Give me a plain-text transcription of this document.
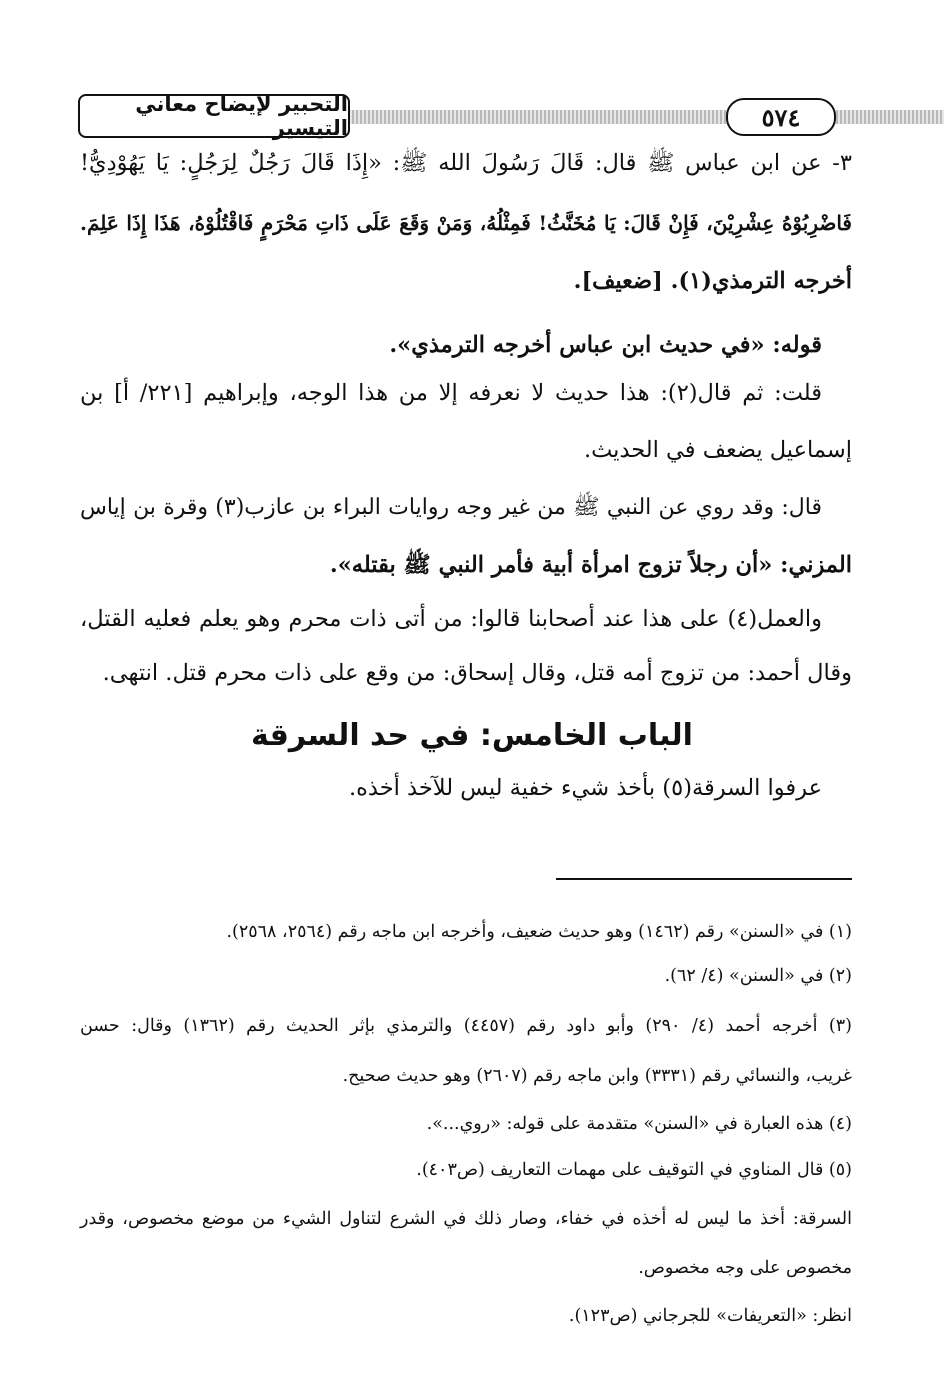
التحبير لإيضاح معاني التيسير	٥٧٤
٣- عن ابن عباس ﷺ قال: قَالَ رَسُولَ الله ﷺ: «إِذَا قَالَ رَجُلٌ لِرَجُلٍ: يَا يَهُوْدِيُّ!
فَاضْرِبُوْهُ عِشْرِيْنَ، فَإِنْ قَالَ: يَا مُخَنَّثُ! فَمِثْلُهُ، وَمَنْ وَقَعَ عَلَى ذَاتِ مَحْرَمٍ فَاقْتُلُوْهُ، هَذَا إِذَا عَلِمَ.
أخرجه الترمذي(١). [ضعيف].
قوله: «في حديث ابن عباس أخرجه الترمذي».
قلت: ثم قال(٢): هذا حديث لا نعرفه إلا من هذا الوجه، وإبراهيم [٢٢١/ أ] بن
إسماعيل يضعف في الحديث.
قال: وقد روي عن النبي ﷺ من غير وجه روايات البراء بن عازب(٣) وقرة بن إياس
المزني: «أن رجلاً تزوج امرأة أبية فأمر النبي ﷺ بقتله».
والعمل(٤) على هذا عند أصحابنا قالوا: من أتى ذات محرم وهو يعلم فعليه القتل،
وقال أحمد: من تزوج أمه قتل، وقال إسحاق: من وقع على ذات محرم قتل. انتهى.
الباب الخامس: في حد السرقة
عرفوا السرقة(٥) بأخذ شيء خفية ليس للآخذ أخذه.
(١) في «السنن» رقم (١٤٦٢) وهو حديث ضعيف، وأخرجه ابن ماجه رقم (٢٥٦٤، ٢٥٦٨).
(٢) في «السنن» (٤/ ٦٢).
(٣) أخرجه أحمد (٤/ ٢٩٠) وأبو داود رقم (٤٤٥٧) والترمذي بإثر الحديث رقم (١٣٦٢) وقال: حسن
غريب، والنسائي رقم (٣٣٣١) وابن ماجه رقم (٢٦٠٧) وهو حديث صحيح.
(٤) هذه العبارة في «السنن» متقدمة على قوله: «روي...».
(٥) قال المناوي في التوقيف على مهمات التعاريف (ص٤٠٣).
السرقة: أخذ ما ليس له أخذه في خفاء، وصار ذلك في الشرع لتناول الشيء من موضع مخصوص، وقدر
مخصوص على وجه مخصوص.
انظر: «التعريفات» للجرجاني (ص١٢٣).
